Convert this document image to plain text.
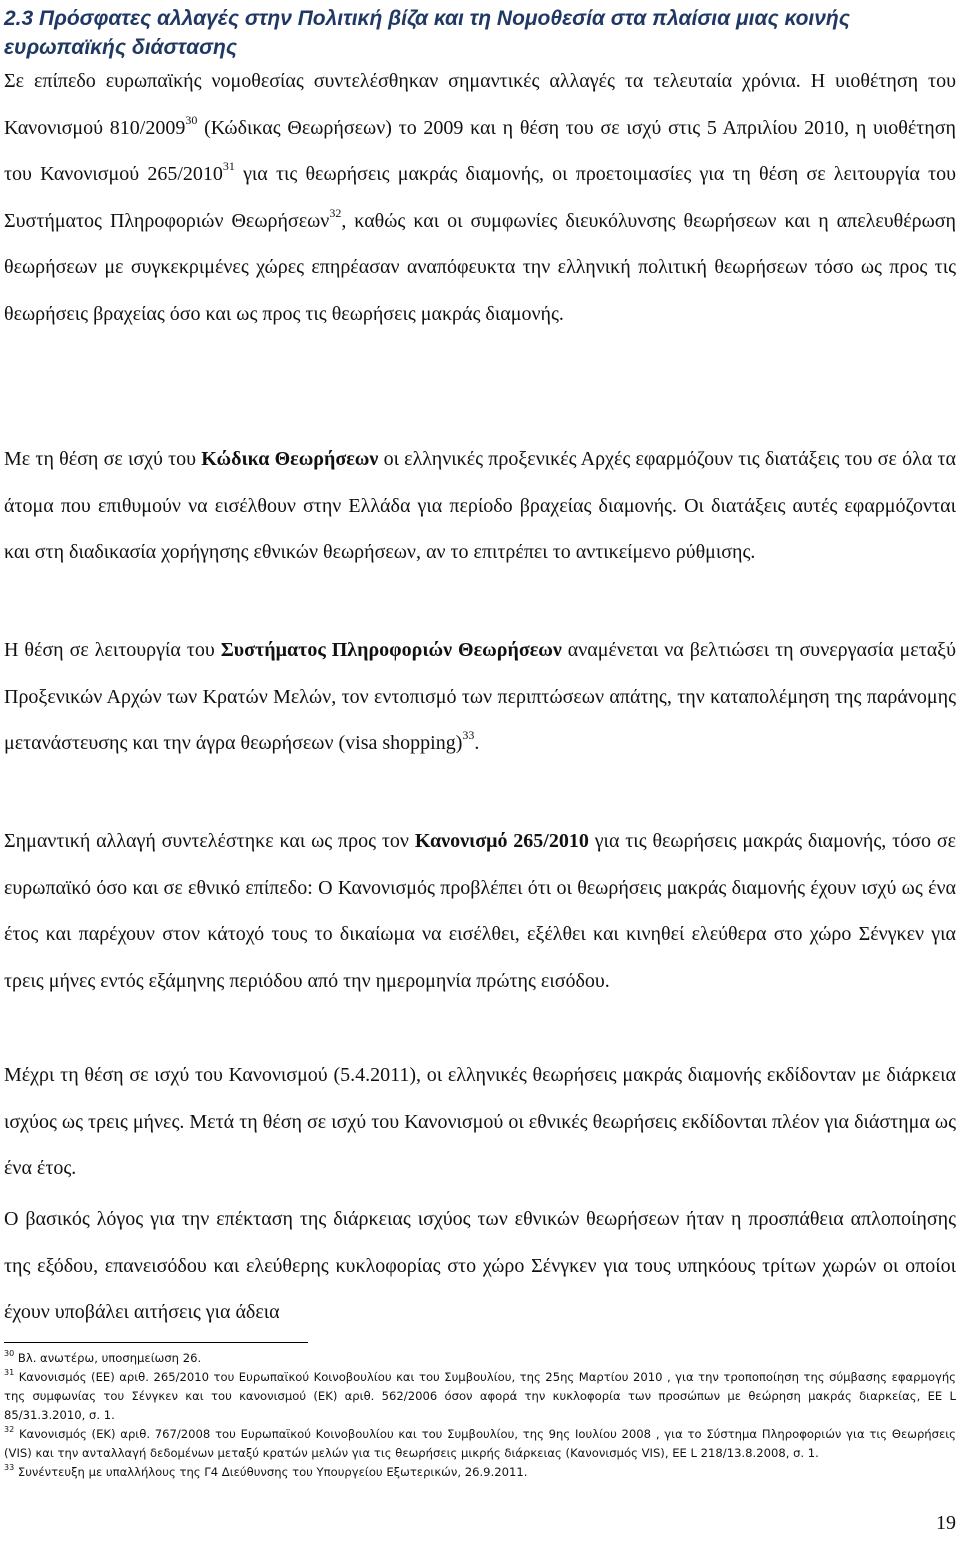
2.3 Πρόσφατες αλλαγές στην Πολιτική βίζα και τη Νομοθεσία στα πλαίσια μιας κοινής ευρωπαϊκής διάστασης

Σε επίπεδο ευρωπαϊκής νομοθεσίας συντελέσθηκαν σημαντικές αλλαγές τα τελευταία χρόνια. Η υιοθέτηση του Κανονισμού 810/2009$^{30}$ (Κώδικας Θεωρήσεων) το 2009 και η θέση του σε ισχύ στις 5 Απριλίου 2010, η υιοθέτηση του Κανονισμού 265/2010$^{31}$ για τις θεωρήσεις μακράς διαμονής, οι προετοιμασίες για τη θέση σε λειτουργία του Συστήματος Πληροφοριών Θεωρήσεων$^{32}$, καθώς και οι συμφωνίες διευκόλυνσης θεωρήσεων και η απελευθέρωση θεωρήσεων με συγκεκριμένες χώρες επηρέασαν αναπόφευκτα την ελληνική πολιτική θεωρήσεων τόσο ως προς τις θεωρήσεις βραχείας όσο και ως προς τις θεωρήσεις μακράς διαμονής.

Με τη θέση σε ισχύ του Κώδικα Θεωρήσεων οι ελληνικές προξενικές Αρχές εφαρμόζουν τις διατάξεις του σε όλα τα άτομα που επιθυμούν να εισέλθουν στην Ελλάδα για περίοδο βραχείας διαμονής. Οι διατάξεις αυτές εφαρμόζονται και στη διαδικασία χορήγησης εθνικών θεωρήσεων, αν το επιτρέπει το αντικείμενο ρύθμισης.

Η θέση σε λειτουργία του Συστήματος Πληροφοριών Θεωρήσεων αναμένεται να βελτιώσει τη συνεργασία μεταξύ Προξενικών Αρχών των Κρατών Μελών, τον εντοπισμό των περιπτώσεων απάτης, την καταπολέμηση της παράνομης μετανάστευσης και την άγρα θεωρήσεων (visa shopping)$^{33}$.

Σημαντική αλλαγή συντελέστηκε και ως προς τον Κανονισμό 265/2010 για τις θεωρήσεις μακράς διαμονής, τόσο σε ευρωπαϊκό όσο και σε εθνικό επίπεδο: Ο Κανονισμός προβλέπει ότι οι θεωρήσεις μακράς διαμονής έχουν ισχύ ως ένα έτος και παρέχουν στον κάτοχό τους το δικαίωμα να εισέλθει, εξέλθει και κινηθεί ελεύθερα στο χώρο Σένγκεν για τρεις μήνες εντός εξάμηνης περιόδου από την ημερομηνία πρώτης εισόδου.

Μέχρι τη θέση σε ισχύ του Κανονισμού (5.4.2011), οι ελληνικές θεωρήσεις μακράς διαμονής εκδίδονταν με διάρκεια ισχύος ως τρεις μήνες. Μετά τη θέση σε ισχύ του Κανονισμού οι εθνικές θεωρήσεις εκδίδονται πλέον για διάστημα ως ένα έτος.

Ο βασικός λόγος για την επέκταση της διάρκειας ισχύος των εθνικών θεωρήσεων ήταν η προσπάθεια απλοποίησης της εξόδου, επανεισόδου και ελεύθερης κυκλοφορίας στο χώρο Σένγκεν για τους υπηκόους τρίτων χωρών οι οποίοι έχουν υποβάλει αιτήσεις για άδεια

$^{30}$ Βλ. ανωτέρω, υποσημείωση 26.

$^{31}$ Κανονισμός (ΕΕ) αριθ. 265/2010 του Ευρωπαϊκού Κοινοβουλίου και του Συμβουλίου, της 25ης Μαρτίου 2010 , για την τροποποίηση της σύμβασης εφαρμογής της συμφωνίας του Σένγκεν και του κανονισμού (ΕΚ) αριθ. 562/2006 όσον αφορά την κυκλοφορία των προσώπων με θεώρηση μακράς διαρκείας, ΕΕ L 85/31.3.2010, σ. 1.

$^{32}$ Κανονισμός (ΕΚ) αριθ. 767/2008 του Ευρωπαϊκού Κοινοβουλίου και του Συμβουλίου, της 9ης Ιουλίου 2008 , για το Σύστημα Πληροφοριών για τις Θεωρήσεις (VIS) και την ανταλλαγή δεδομένων μεταξύ κρατών μελών για τις θεωρήσεις μικρής διάρκειας (Κανονισμός VIS), ΕΕ L 218/13.8.2008, σ. 1.

$^{33}$ Συνέντευξη με υπαλλήλους της Γ4 Διεύθυνσης του Υπουργείου Εξωτερικών, 26.9.2011.

19
